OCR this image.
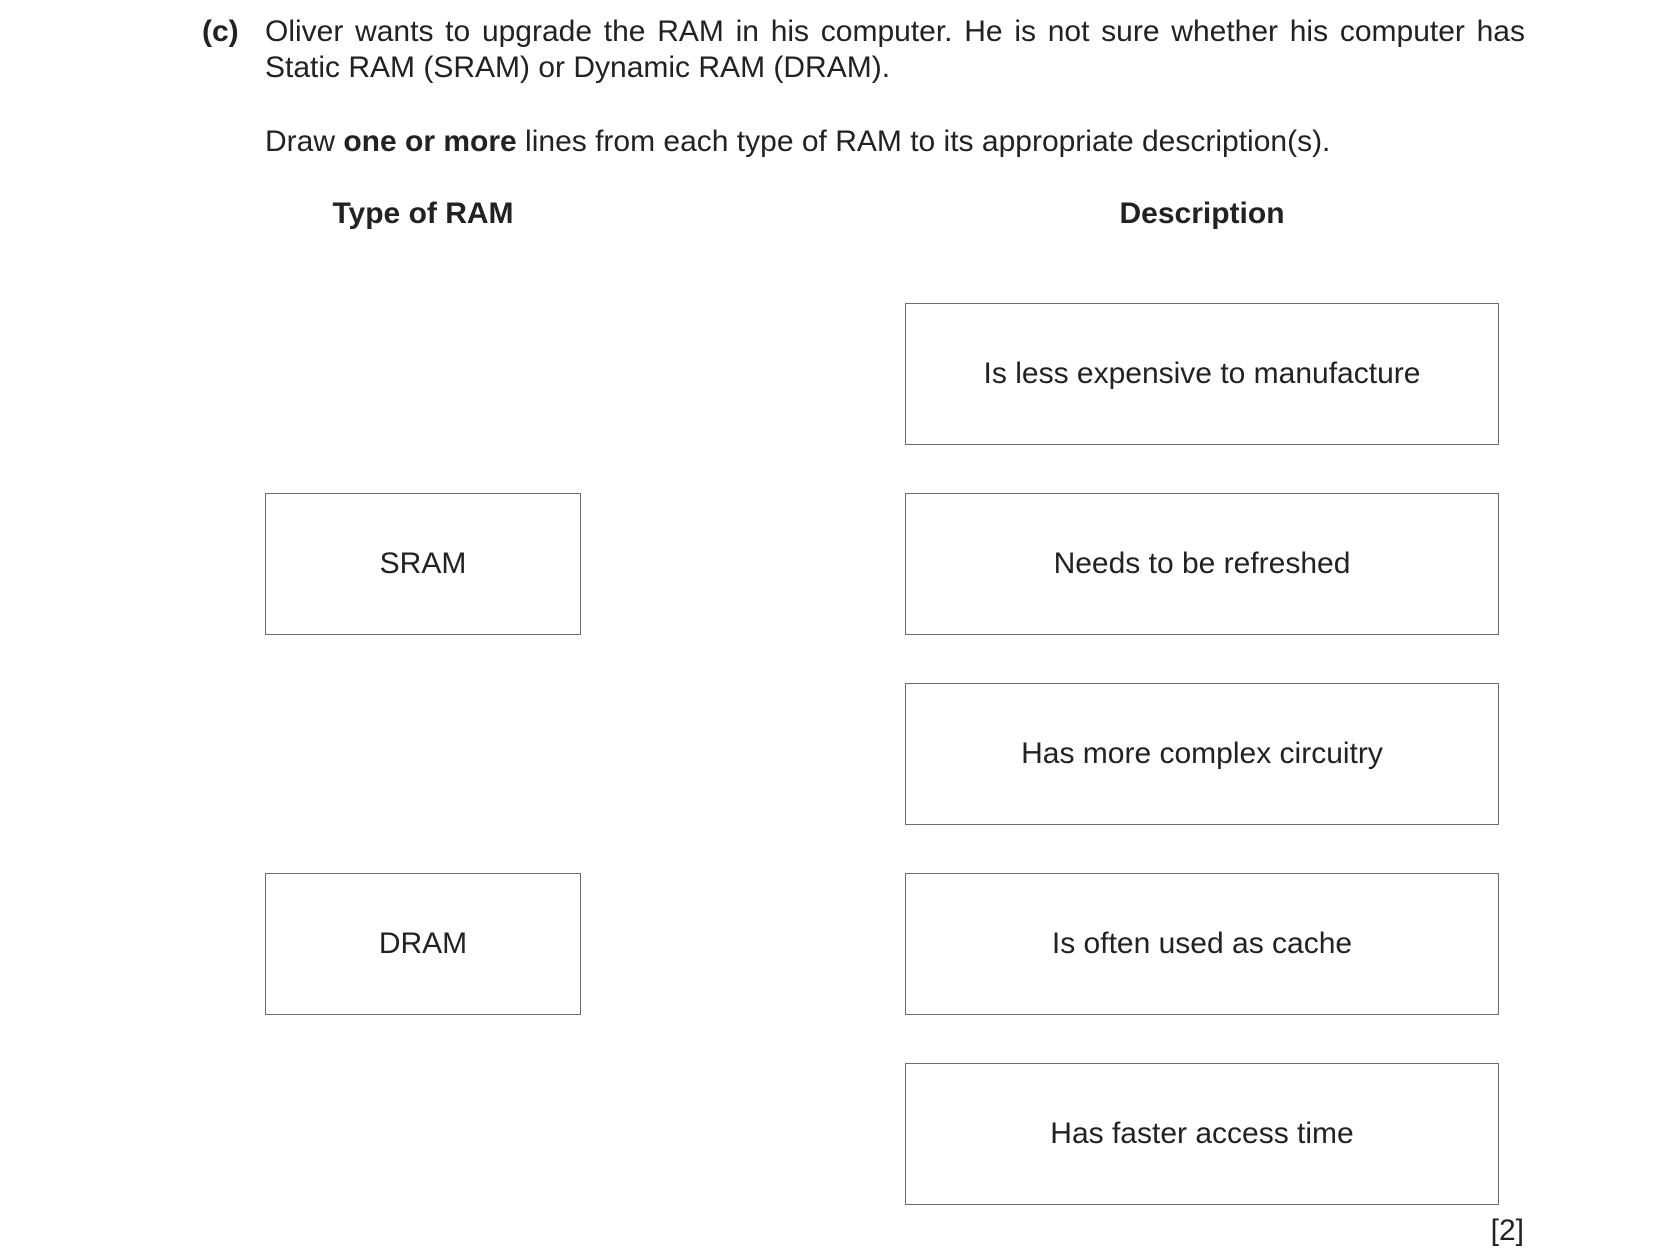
(c) Oliver wants to upgrade the RAM in his computer. He is not sure whether his computer has Static RAM (SRAM) or Dynamic RAM (DRAM).
Draw one or more lines from each type of RAM to its appropriate description(s).
Type of RAM	Description
SRAM
DRAM
Is less expensive to manufacture
Needs to be refreshed
Has more complex circuitry
Is often used as cache
Has faster access time
[2]
